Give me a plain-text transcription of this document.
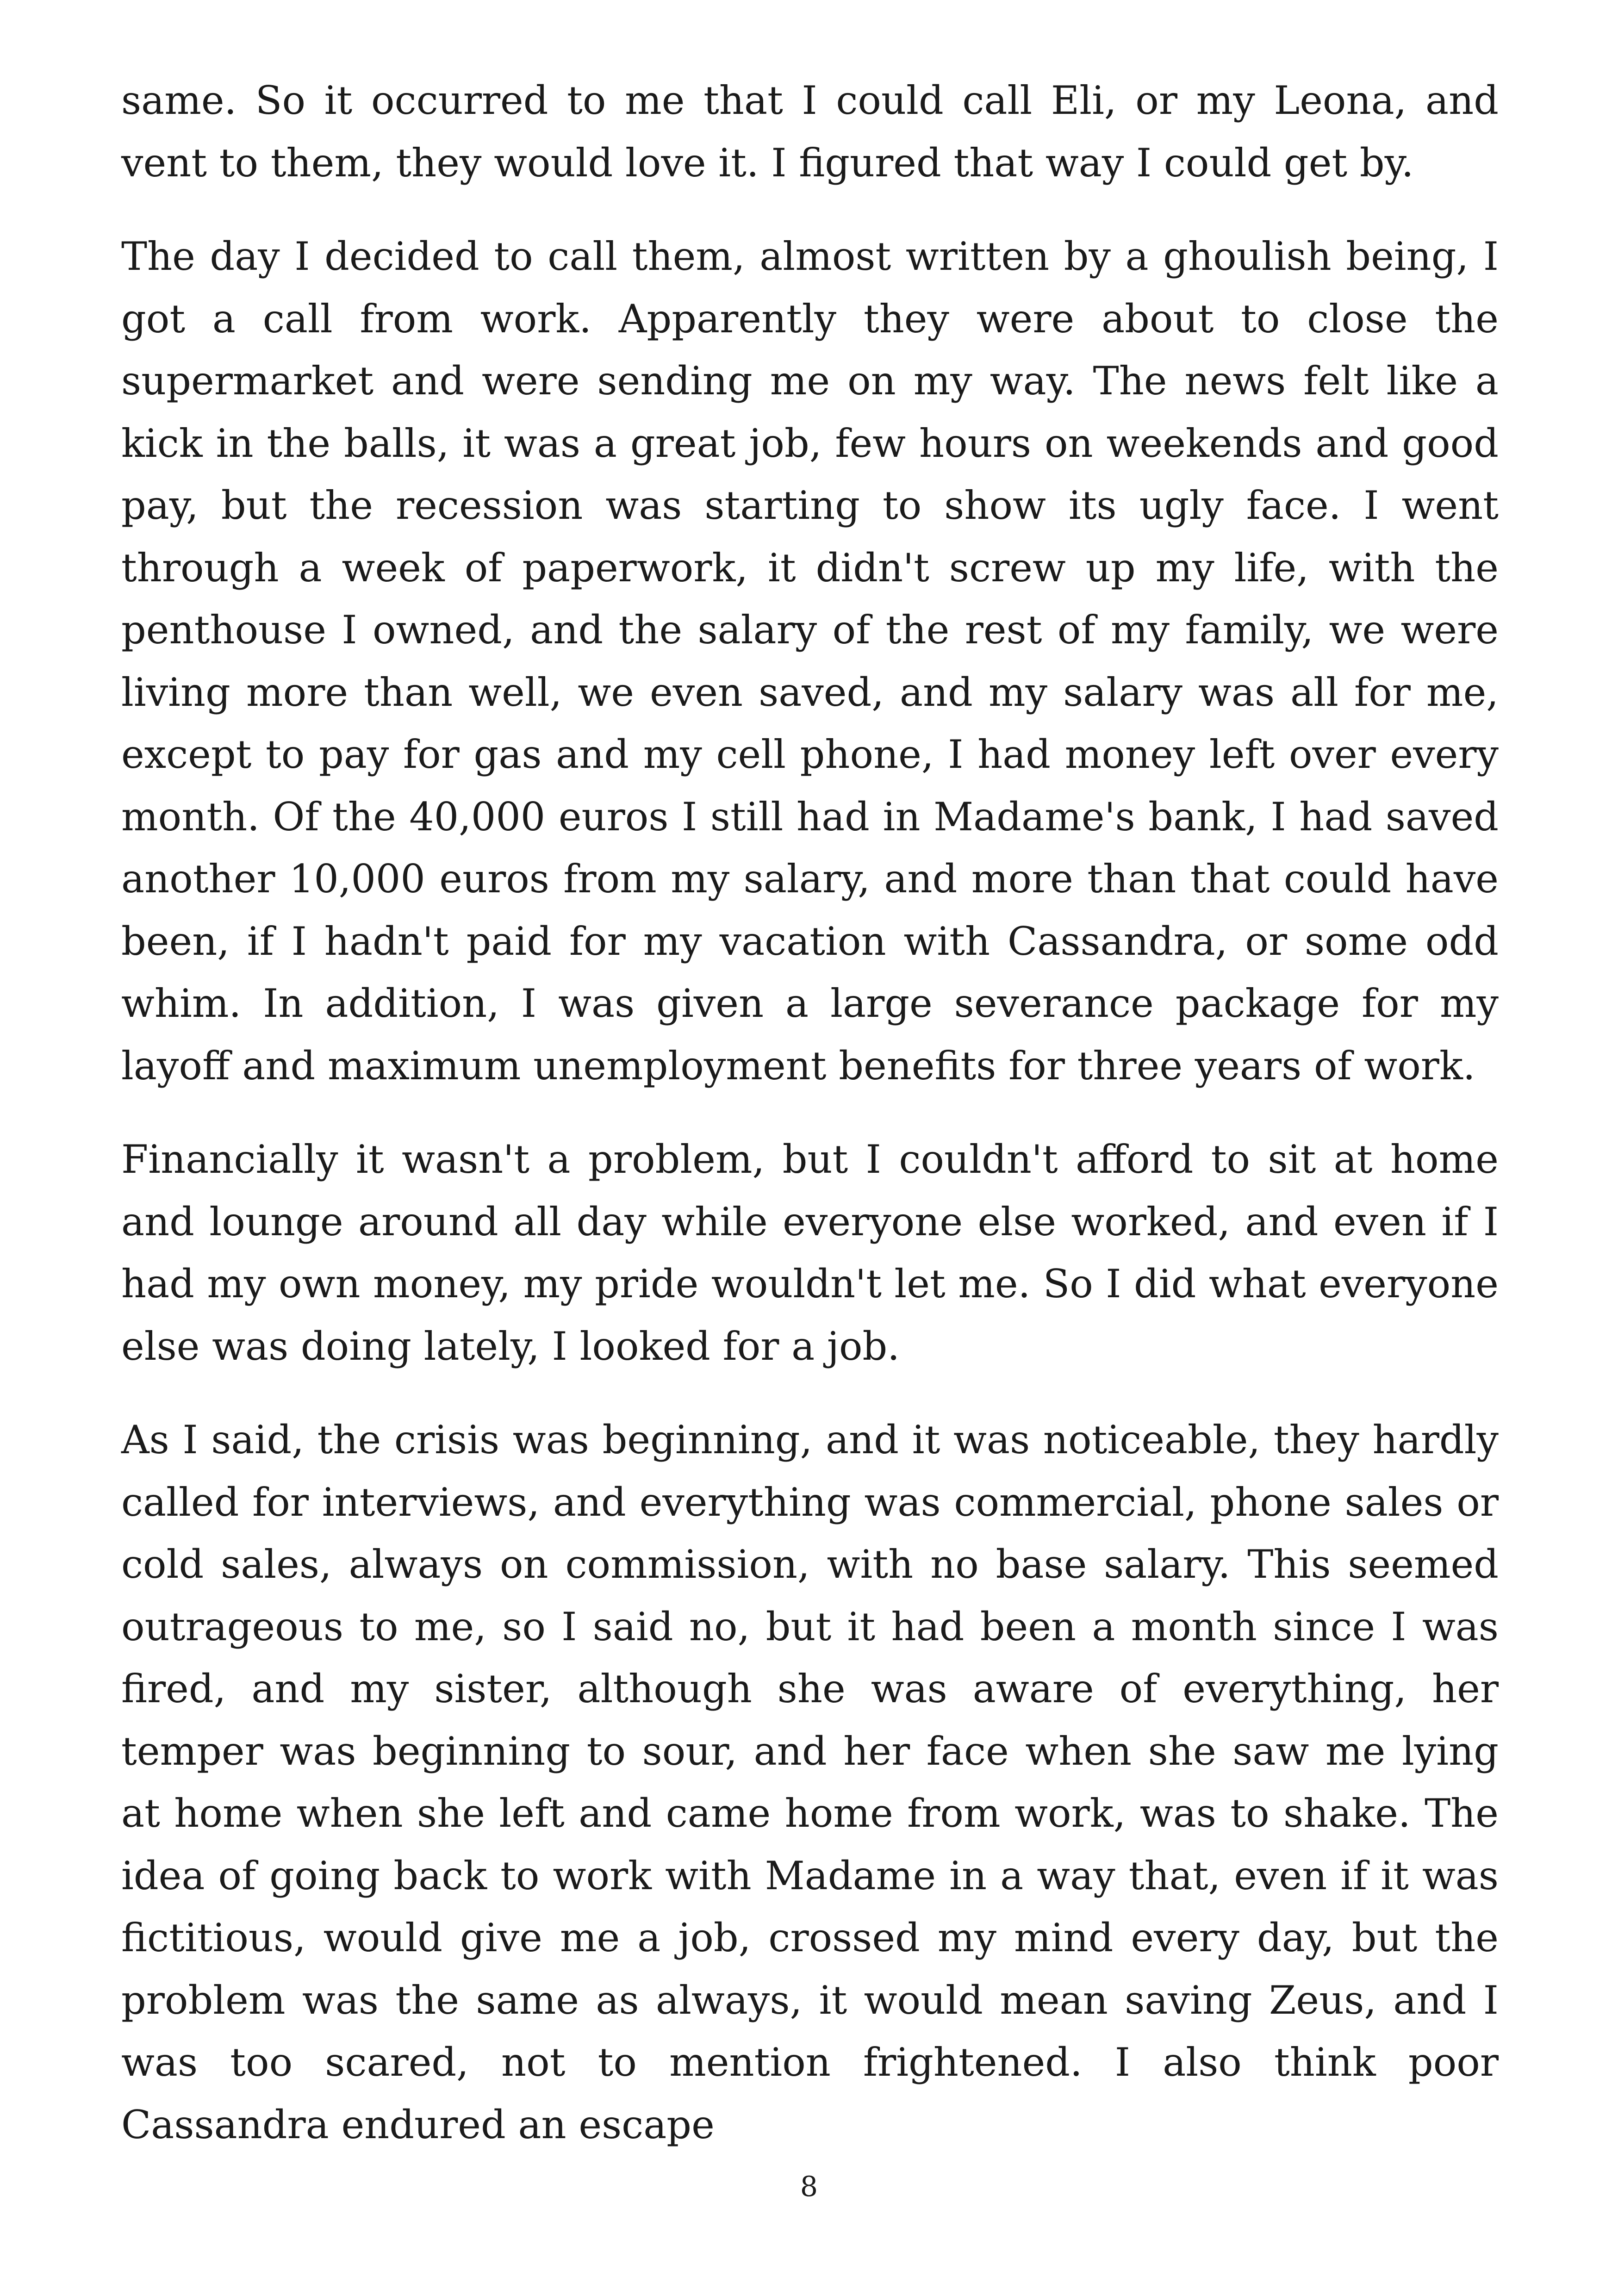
same. So it occurred to me that I could call Eli, or my Leona, and vent to them, they would love it. I figured that way I could get by.

The day I decided to call them, almost written by a ghoulish being, I got a call from work. Apparently they were about to close the supermarket and were sending me on my way. The news felt like a kick in the balls, it was a great job, few hours on weekends and good pay, but the recession was starting to show its ugly face. I went through a week of paperwork, it didn't screw up my life, with the penthouse I owned, and the salary of the rest of my family, we were living more than well, we even saved, and my salary was all for me, except to pay for gas and my cell phone, I had money left over every month. Of the 40,000 euros I still had in Madame's bank, I had saved another 10,000 euros from my salary, and more than that could have been, if I hadn't paid for my vacation with Cassandra, or some odd whim. In addition, I was given a large severance package for my layoff and maximum unemployment benefits for three years of work.

Financially it wasn't a problem, but I couldn't afford to sit at home and lounge around all day while everyone else worked, and even if I had my own money, my pride wouldn't let me. So I did what everyone else was doing lately, I looked for a job.

As I said, the crisis was beginning, and it was noticeable, they hardly called for interviews, and everything was commercial, phone sales or cold sales, always on commission, with no base salary. This seemed outrageous to me, so I said no, but it had been a month since I was fired, and my sister, although she was aware of everything, her temper was beginning to sour, and her face when she saw me lying at home when she left and came home from work, was to shake. The idea of going back to work with Madame in a way that, even if it was fictitious, would give me a job, crossed my mind every day, but the problem was the same as always, it would mean saving Zeus, and I was too scared, not to mention frightened. I also think poor Cassandra endured an escape

8
